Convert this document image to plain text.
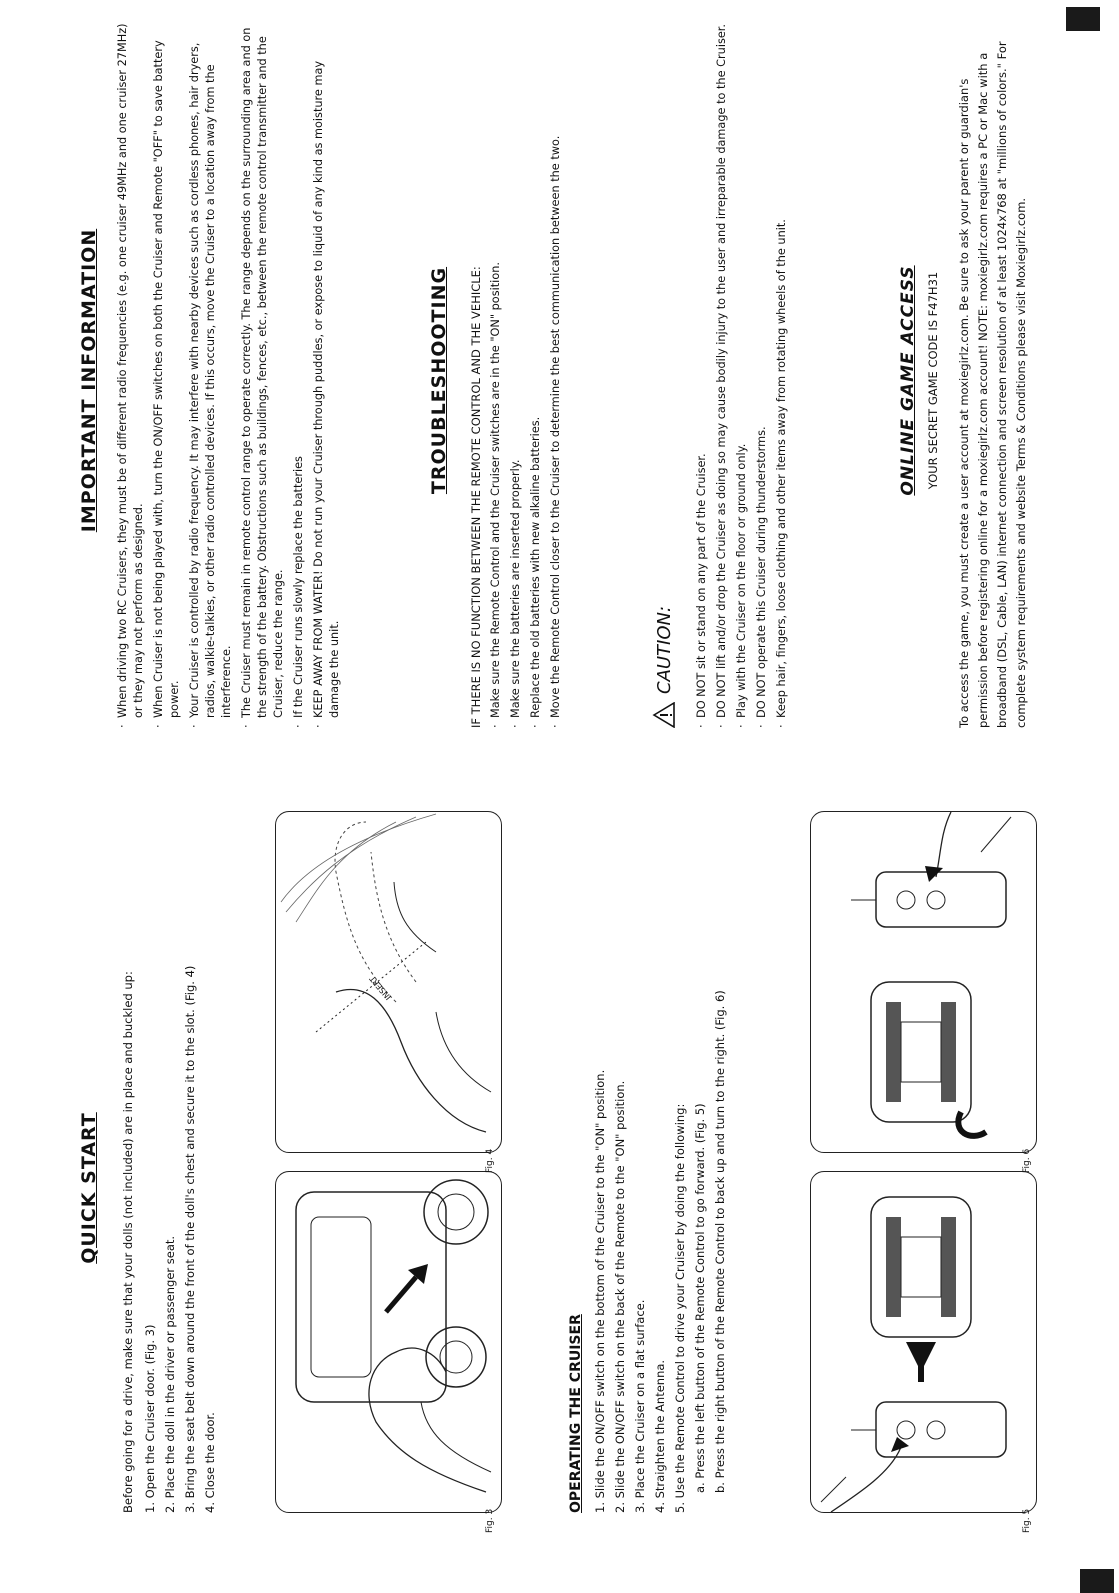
QUICK START Before going for a drive, make sure that your dolls (not included) are in place and buckled up: 1. Open the Cruiser door. (Fig. 3) 2. Place the doll in the driver or passenger seat. 3. Bring the seat belt down around the front of the doll's chest and secure it to the slot. (Fig. 4) 4. Close the door.
Fig. 3
INSERT
Fig. 4
OPERATING THE CRUISER 1. Slide the ON/OFF switch on the bottom of the Cruiser to the "ON" position. 2. Slide the ON/OFF switch on the back of the Remote to the "ON" position. 3. Place the Cruiser on a flat surface. 4. Straighten the Antenna. 5. Use the Remote Control to drive your Cruiser by doing the following: a. Press the left button of the Remote Control to go forward. (Fig. 5) b. Press the right button of the Remote Control to back up and turn to the right. (Fig. 6)
Fig. 5
Fig. 6
IMPORTANT INFORMATION · When driving two RC Cruisers, they must be of different radio frequencies (e.g. one cruiser 49MHz and one cruiser 27MHz) or they may not perform as designed. · When Cruiser is not being played with, turn the ON/OFF switches on both the Cruiser and Remote "OFF" to save battery power. · Your Cruiser is controlled by radio frequency. It may interfere with nearby devices such as cordless phones, hair dryers, radios, walkie-talkies, or other radio controlled devices. If this occurs, move the Cruiser to a location away from the interference. · The Cruiser must remain in remote control range to operate correctly. The range depends on the surrounding area and on the strength of the battery. Obstructions such as buildings, fences, etc., between the remote control transmitter and the Cruiser, reduce the range. · If the Cruiser runs slowly replace the batteries · KEEP AWAY FROM WATER! Do not run your Cruiser through puddles, or expose to liquid of any kind as moisture may damage the unit.
TROUBLESHOOTING IF THERE IS NO FUNCTION BETWEEN THE REMOTE CONTROL AND THE VEHICLE: · Make sure the Remote Control and the Cruiser switches are in the "ON" position. · Make sure the batteries are inserted properly. · Replace the old batteries with new alkaline batteries. · Move the Remote Control closer to the Cruiser to determine the best communication between the two.	CAUTION: · DO NOT sit or stand on any part of the Cruiser. · DO NOT lift and/or drop the Cruiser as doing so may cause bodily injury to the user and irreparable damage to the Cruiser. · Play with the Cruiser on the floor or ground only. · DO NOT operate this Cruiser during thunderstorms. · Keep hair, fingers, loose clothing and other items away from rotating wheels of the unit.	ONLINE GAME ACCESS YOUR SECRET GAME CODE IS F47H31 To access the game, you must create a user account at moxiegirlz.com. Be sure to ask your parent or guardian's permission before registering online for a moxiegirlz.com account! NOTE: moxiegirlz.com requires a PC or Mac with a broadband (DSL, Cable, LAN) internet connection and screen resolution of at least 1024x768 at "millions of colors." For complete system requirements and website Terms & Conditions please visit Moxiegirlz.com.
